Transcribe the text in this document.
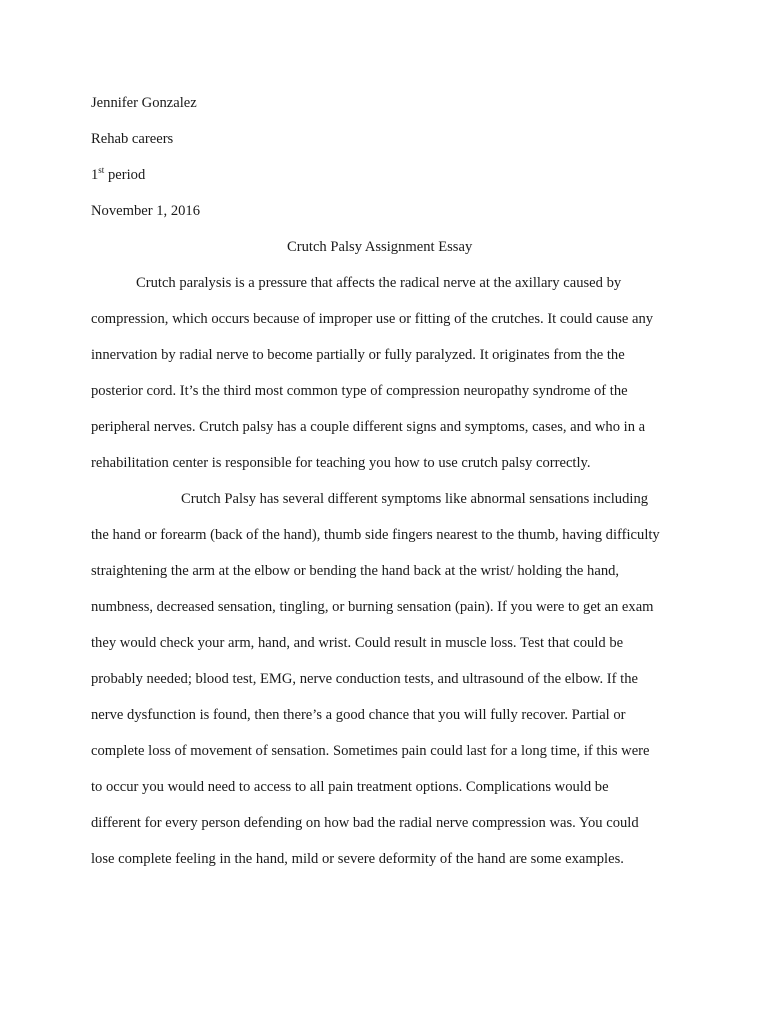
Jennifer Gonzalez
Rehab careers
1st period
November 1, 2016
Crutch Palsy Assignment Essay
Crutch paralysis is a pressure that affects the radical nerve at the axillary caused by
compression, which occurs because of improper use or fitting of the crutches. It could cause any
innervation by radial nerve to become partially or fully paralyzed. It originates from the the
posterior cord. It’s the third most common type of compression neuropathy syndrome of the
peripheral nerves. Crutch palsy has a couple different signs and symptoms, cases, and who in a
rehabilitation center is responsible for teaching you how to use crutch palsy correctly.
Crutch Palsy has several different symptoms like abnormal sensations including
the hand or forearm (back of the hand), thumb side fingers nearest to the thumb, having difficulty
straightening the arm at the elbow or bending the hand back at the wrist/ holding the hand,
numbness, decreased sensation, tingling, or burning sensation (pain). If you were to get an exam
they would check your arm, hand, and wrist. Could result in muscle loss. Test that could be
probably needed; blood test, EMG, nerve conduction tests, and ultrasound of the elbow. If the
nerve dysfunction is found, then there’s a good chance that you will fully recover. Partial or
complete loss of movement of sensation. Sometimes pain could last for a long time, if this were
to occur you would need to access to all pain treatment options. Complications would be
different for every person defending on how bad the radial nerve compression was. You could
lose complete feeling in the hand, mild or severe deformity of the hand are some examples.
